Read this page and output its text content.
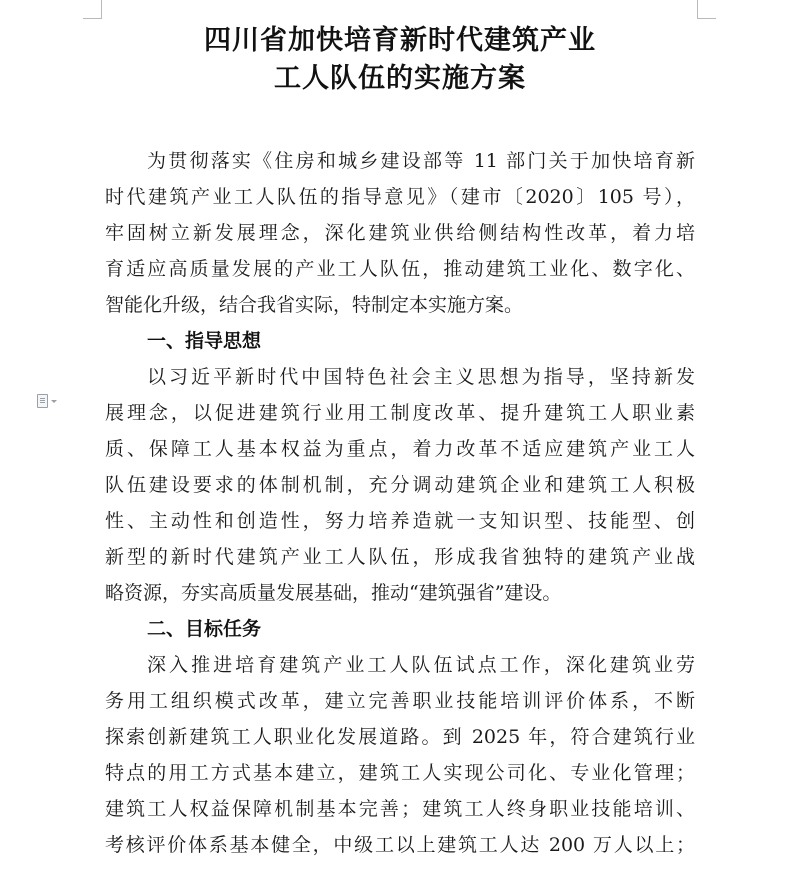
四川省加快培育新时代建筑产业
工人队伍的实施方案
为贯彻落实《住房和城乡建设部等 11 部门关于加快培育新
时代建筑产业工人队伍的指导意见》（建市〔2020〕105 号），
牢固树立新发展理念，深化建筑业供给侧结构性改革，着力培
育适应高质量发展的产业工人队伍，推动建筑工业化、数字化、
智能化升级，结合我省实际，特制定本实施方案。
一、指导思想
以习近平新时代中国特色社会主义思想为指导，坚持新发
展理念，以促进建筑行业用工制度改革、提升建筑工人职业素
质、保障工人基本权益为重点，着力改革不适应建筑产业工人
队伍建设要求的体制机制，充分调动建筑企业和建筑工人积极
性、主动性和创造性，努力培养造就一支知识型、技能型、创
新型的新时代建筑产业工人队伍，形成我省独特的建筑产业战
略资源，夯实高质量发展基础，推动“建筑强省”建设。
二、目标任务
深入推进培育建筑产业工人队伍试点工作，深化建筑业劳
务用工组织模式改革，建立完善职业技能培训评价体系，不断
探索创新建筑工人职业化发展道路。到 2025 年，符合建筑行业
特点的用工方式基本建立，建筑工人实现公司化、专业化管理；
建筑工人权益保障机制基本完善；建筑工人终身职业技能培训、
考核评价体系基本健全，中级工以上建筑工人达 200 万人以上；
